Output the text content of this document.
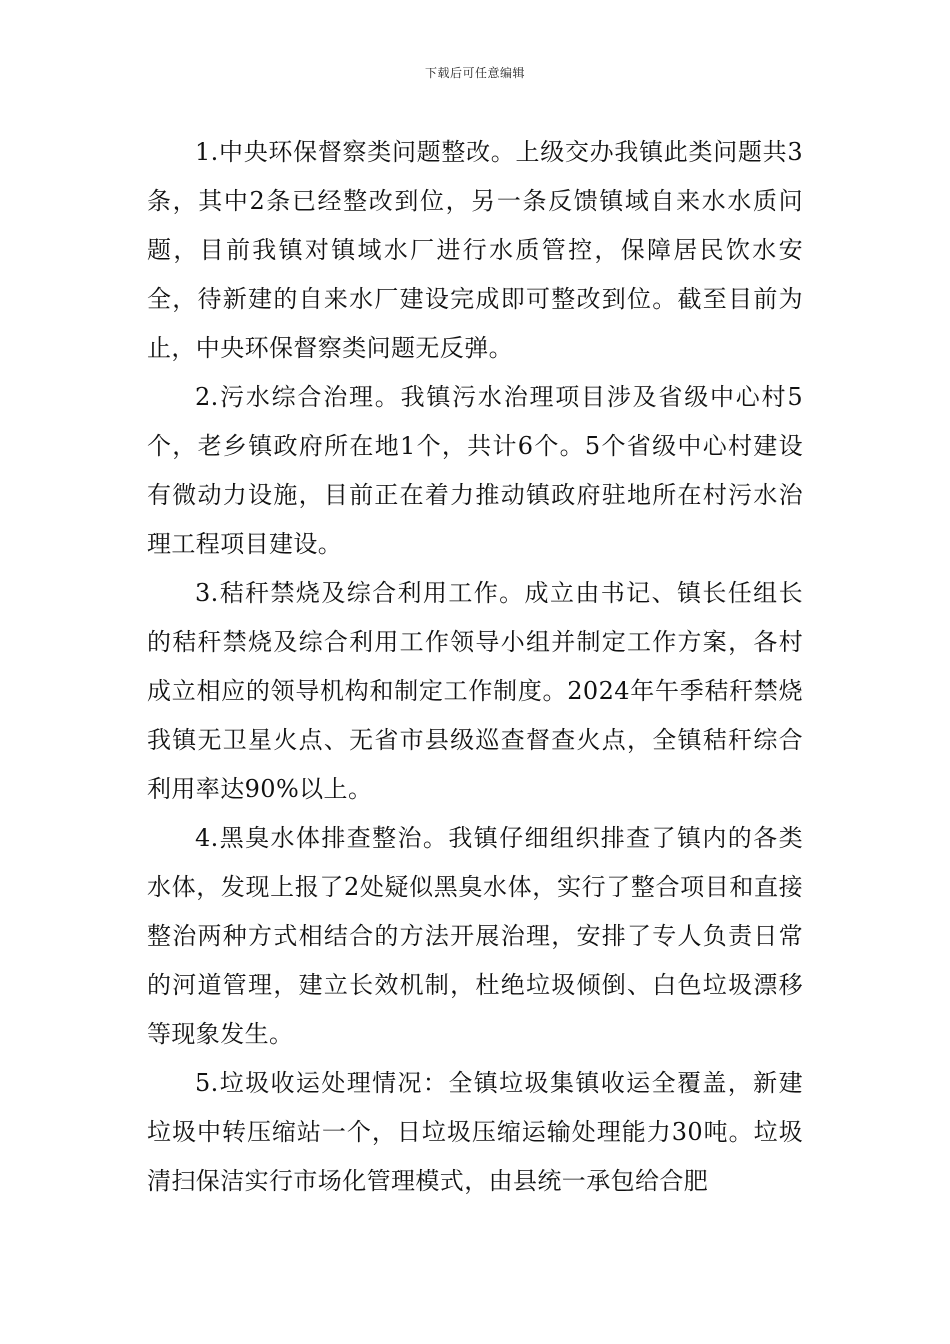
下载后可任意编辑

1.中央环保督察类问题整改。上级交办我镇此类问题共3条，其中2条已经整改到位，另一条反馈镇域自来水水质问题，目前我镇对镇域水厂进行水质管控，保障居民饮水安全，待新建的自来水厂建设完成即可整改到位。截至目前为止，中央环保督察类问题无反弹。

2.污水综合治理。我镇污水治理项目涉及省级中心村5个，老乡镇政府所在地1个，共计6个。5个省级中心村建设有微动力设施，目前正在着力推动镇政府驻地所在村污水治理工程项目建设。

3.秸秆禁烧及综合利用工作。成立由书记、镇长任组长的秸秆禁烧及综合利用工作领导小组并制定工作方案，各村成立相应的领导机构和制定工作制度。2024年午季秸秆禁烧我镇无卫星火点、无省市县级巡查督查火点，全镇秸秆综合利用率达90%以上。

4.黑臭水体排查整治。我镇仔细组织排查了镇内的各类水体，发现上报了2处疑似黑臭水体，实行了整合项目和直接整治两种方式相结合的方法开展治理，安排了专人负责日常的河道管理，建立长效机制，杜绝垃圾倾倒、白色垃圾漂移等现象发生。

5.垃圾收运处理情况：全镇垃圾集镇收运全覆盖，新建垃圾中转压缩站一个，日垃圾压缩运输处理能力30吨。垃圾清扫保洁实行市场化管理模式，由县统一承包给合肥
